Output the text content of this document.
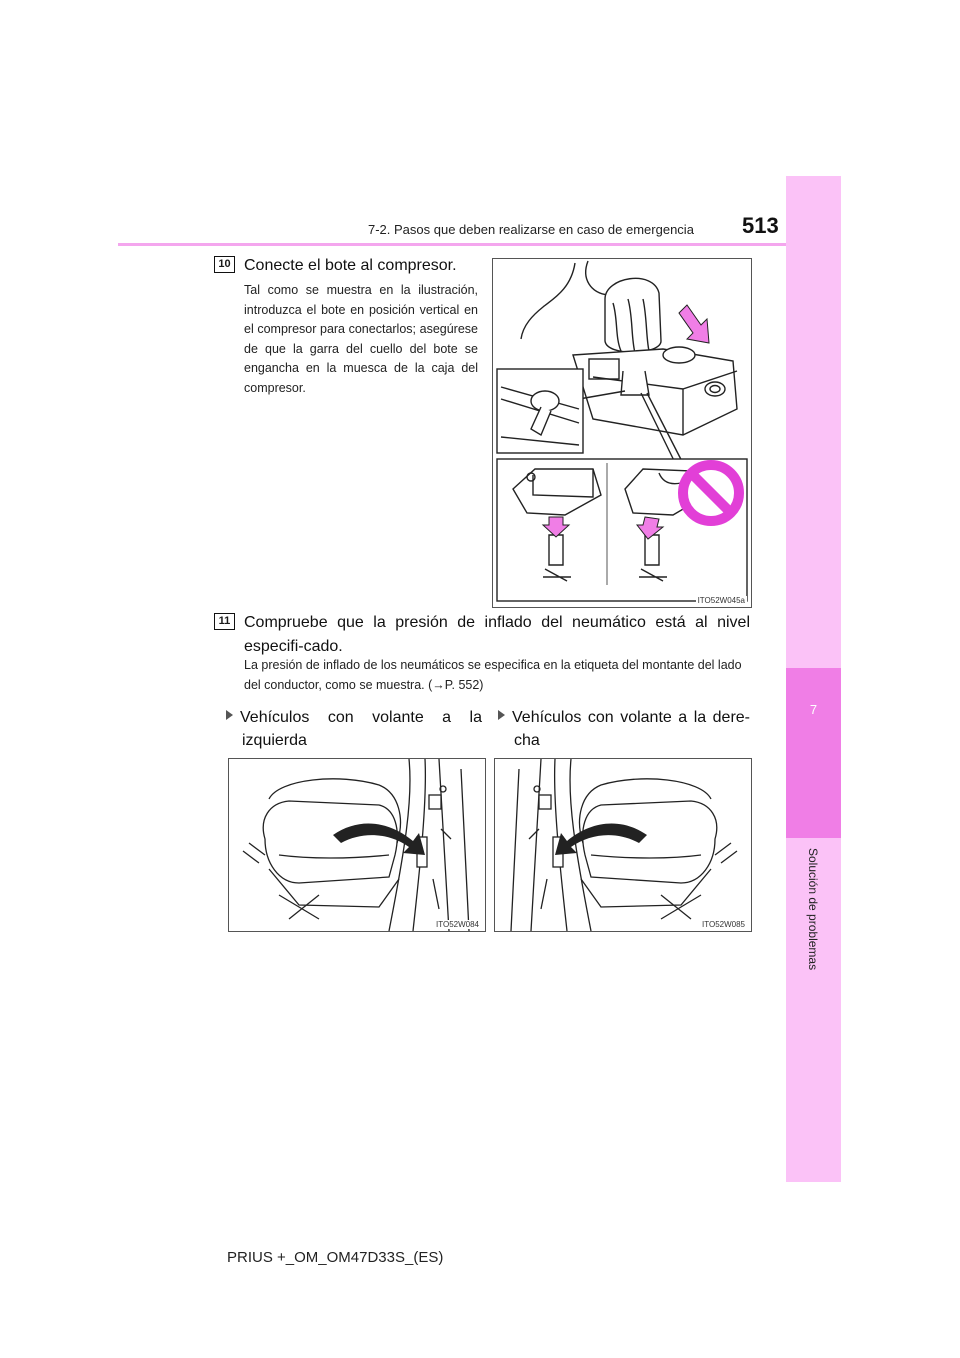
7-2. Pasos que deben realizarse en caso de emergencia 513
7
Solución de problemas
10 Conecte el bote al compresor.
Tal como se muestra en la ilustración, introduzca el bote en posición vertical en el compresor para conectarlos; asegúrese de que la garra del cuello del bote se engancha en la muesca de la caja del compresor.
ITO52W045a
11 Compruebe que la presión de inflado del neumático está al nivel especifi-cado.
La presión de inflado de los neumáticos se especifica en la etiqueta del montante del lado del conductor, como se muestra. (→P. 552)
Vehículos con volante a la
izquierda
Vehículos con volante a la dere-
cha
ITO52W084	ITO52W085
PRIUS +_OM_OM47D33S_(ES)
